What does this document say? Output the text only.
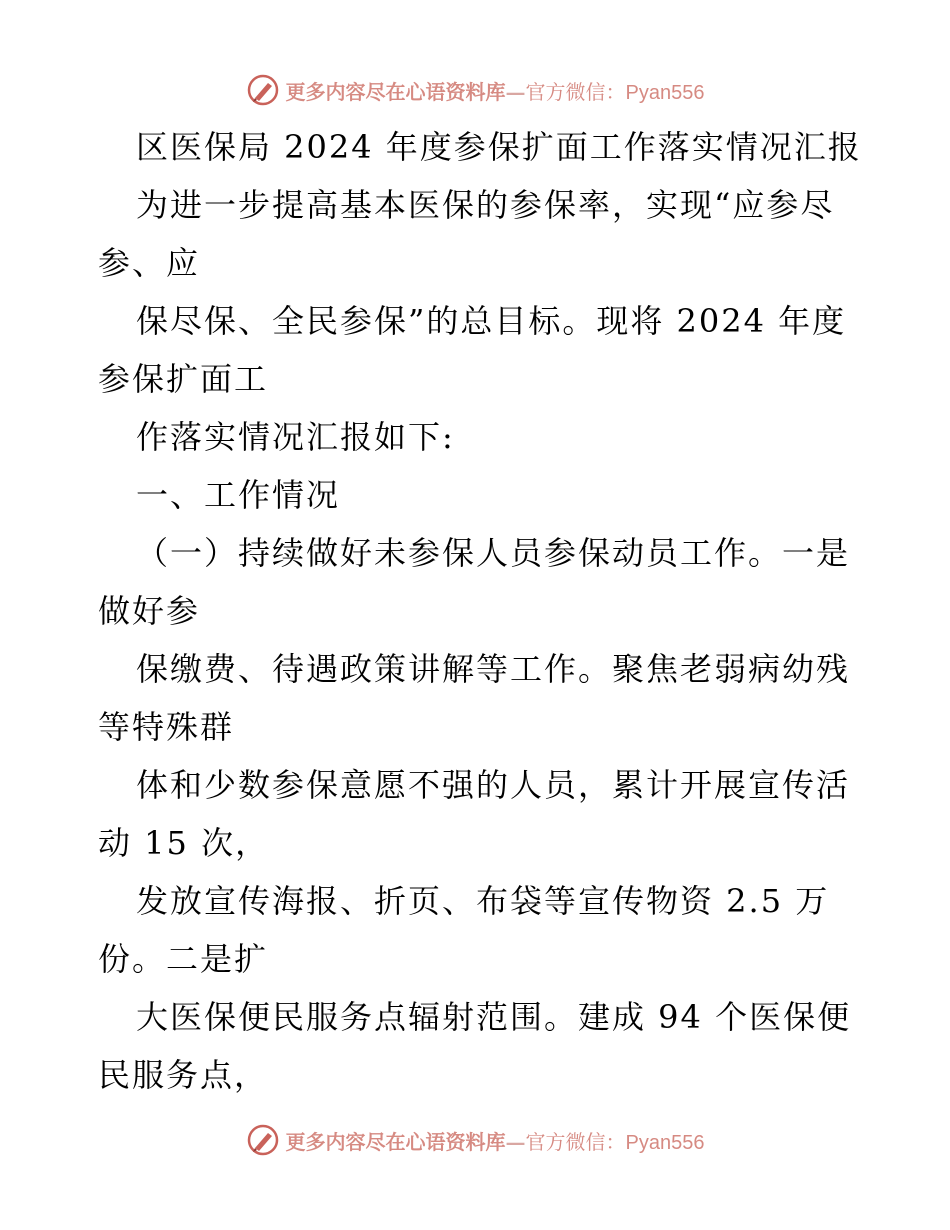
更多内容尽在心语资料库—官方微信：Pyan556
区医保局 2024 年度参保扩面工作落实情况汇报
为进一步提高基本医保的参保率，实现“应参尽
参、应
保尽保、全民参保”的总目标。现将 2024 年度
参保扩面工
作落实情况汇报如下:
一、工作情况
（一）持续做好未参保人员参保动员工作。一是
做好参
保缴费、待遇政策讲解等工作。聚焦老弱病幼残
等特殊群
体和少数参保意愿不强的人员，累计开展宣传活
动 15 次，
发放宣传海报、折页、布袋等宣传物资 2.5 万
份。二是扩
大医保便民服务点辐射范围。建成 94 个医保便
民服务点，
更多内容尽在心语资料库—官方微信：Pyan556
